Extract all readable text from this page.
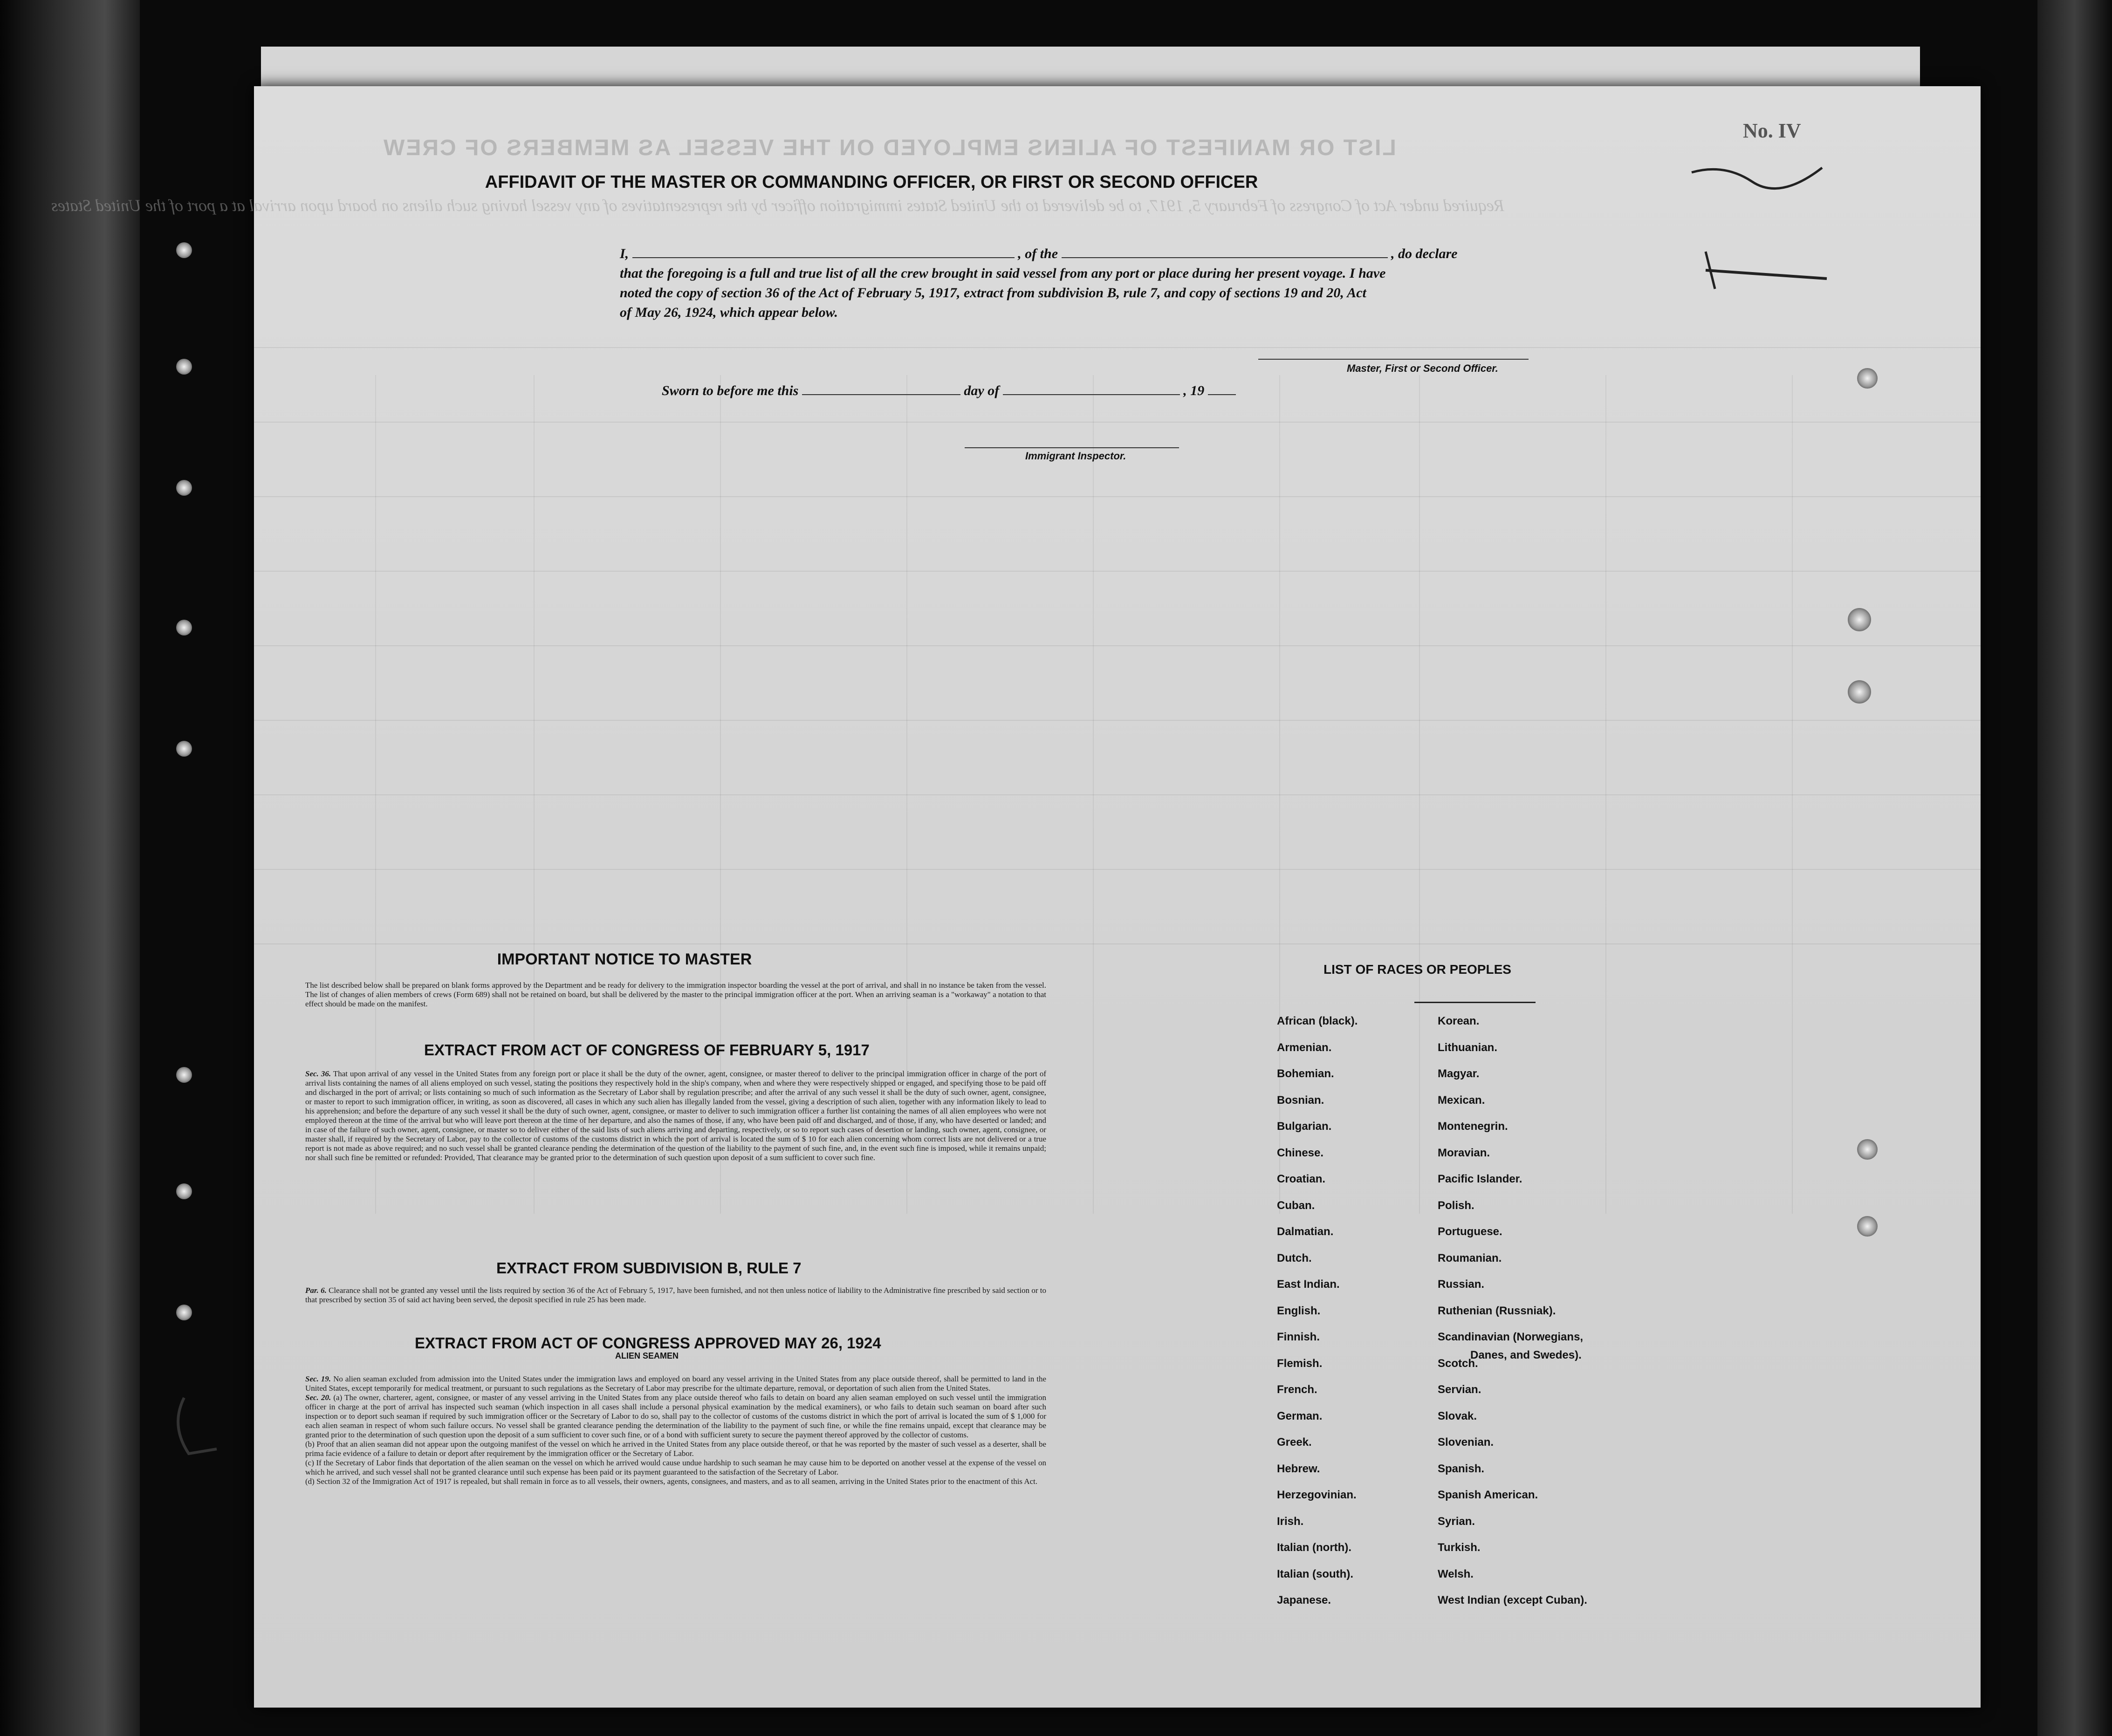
LIST OR MANIFEST OF ALIENS EMPLOYED ON THE VESSEL AS MEMBERS OF CREW
Required under Act of Congress of February 5, 1917, to be delivered to the United States immigration officer by the representatives of any vessel having such aliens on board upon arrival at a port of the United States
No. IV
AFFIDAVIT OF THE MASTER OR COMMANDING OFFICER, OR FIRST OR SECOND OFFICER
I,	, of the	, do declare
that the foregoing is a full and true list of all the crew brought in said vessel from any port or place during her present voyage. I have
noted the copy of section 36 of the Act of February 5, 1917, extract from subdivision B, rule 7, and copy of sections 19 and 20, Act
of May 26, 1924, which appear below.
Master, First or Second Officer.
Sworn to before me this	day of	, 19
Immigrant Inspector.
IMPORTANT NOTICE TO MASTER
The list described below shall be prepared on blank forms approved by the Department and be ready for delivery to the immigration inspector boarding the vessel at the port of arrival, and shall in no instance be taken from the vessel. The list of changes of alien members of crews (Form 689) shall not be retained on board, but shall be delivered by the master to the principal immigration officer at the port. When an arriving seaman is a "workaway" a notation to that effect should be made on the manifest.
EXTRACT FROM ACT OF CONGRESS OF FEBRUARY 5, 1917
Sec. 36. That upon arrival of any vessel in the United States from any foreign port or place it shall be the duty of the owner, agent, consignee, or master thereof to deliver to the principal immigration officer in charge of the port of arrival lists containing the names of all aliens employed on such vessel, stating the positions they respectively hold in the ship's company, when and where they were respectively shipped or engaged, and specifying those to be paid off and discharged in the port of arrival; or lists containing so much of such information as the Secretary of Labor shall by regulation prescribe; and after the arrival of any such vessel it shall be the duty of such owner, agent, consignee, or master to report to such immigration officer, in writing, as soon as discovered, all cases in which any such alien has illegally landed from the vessel, giving a description of such alien, together with any information likely to lead to his apprehension; and before the departure of any such vessel it shall be the duty of such owner, agent, consignee, or master to deliver to such immigration officer a further list containing the names of all alien employees who were not employed thereon at the time of the arrival but who will leave port thereon at the time of her departure, and also the names of those, if any, who have been paid off and discharged, and of those, if any, who have deserted or landed; and in case of the failure of such owner, agent, consignee, or master so to deliver either of the said lists of such aliens arriving and departing, respectively, or so to report such cases of desertion or landing, such owner, agent, consignee, or master shall, if required by the Secretary of Labor, pay to the collector of customs of the customs district in which the port of arrival is located the sum of $ 10 for each alien concerning whom correct lists are not delivered or a true report is not made as above required; and no such vessel shall be granted clearance pending the determination of the question of the liability to the payment of such fine, and, in the event such fine is imposed, while it remains unpaid; nor shall such fine be remitted or refunded: Provided, That clearance may be granted prior to the determination of such question upon deposit of a sum sufficient to cover such fine.
EXTRACT FROM SUBDIVISION B, RULE 7
Par. 6. Clearance shall not be granted any vessel until the lists required by section 36 of the Act of February 5, 1917, have been furnished, and not then unless notice of liability to the Administrative fine prescribed by said section or to that prescribed by section 35 of said act having been served, the deposit specified in rule 25 has been made.
EXTRACT FROM ACT OF CONGRESS APPROVED MAY 26, 1924
ALIEN SEAMEN
Sec. 19. No alien seaman excluded from admission into the United States under the immigration laws and employed on board any vessel arriving in the United States from any place outside thereof, shall be permitted to land in the United States, except temporarily for medical treatment, or pursuant to such regulations as the Secretary of Labor may prescribe for the ultimate departure, removal, or deportation of such alien from the United States.
Sec. 20. (a) The owner, charterer, agent, consignee, or master of any vessel arriving in the United States from any place outside thereof who fails to detain on board any alien seaman employed on such vessel until the immigration officer in charge at the port of arrival has inspected such seaman (which inspection in all cases shall include a personal physical examination by the medical examiners), or who fails to detain such seaman on board after such inspection or to deport such seaman if required by such immigration officer or the Secretary of Labor to do so, shall pay to the collector of customs of the customs district in which the port of arrival is located the sum of $ 1,000 for each alien seaman in respect of whom such failure occurs. No vessel shall be granted clearance pending the determination of the liability to the payment of such fine, or while the fine remains unpaid, except that clearance may be granted prior to the determination of such question upon the deposit of a sum sufficient to cover such fine, or of a bond with sufficient surety to secure the payment thereof approved by the collector of customs.
(b) Proof that an alien seaman did not appear upon the outgoing manifest of the vessel on which he arrived in the United States from any place outside thereof, or that he was reported by the master of such vessel as a deserter, shall be prima facie evidence of a failure to detain or deport after requirement by the immigration officer or the Secretary of Labor.
(c) If the Secretary of Labor finds that deportation of the alien seaman on the vessel on which he arrived would cause undue hardship to such seaman he may cause him to be deported on another vessel at the expense of the vessel on which he arrived, and such vessel shall not be granted clearance until such expense has been paid or its payment guaranteed to the satisfaction of the Secretary of Labor.
(d) Section 32 of the Immigration Act of 1917 is repealed, but shall remain in force as to all vessels, their owners, agents, consignees, and masters, and as to all seamen, arriving in the United States prior to the enactment of this Act.
LIST OF RACES OR PEOPLES
African (black).
Armenian.
Bohemian.
Bosnian.
Bulgarian.
Chinese.
Croatian.
Cuban.
Dalmatian.
Dutch.
East Indian.
English.
Finnish.
Flemish.
French.
German.
Greek.
Hebrew.
Herzegovinian.
Irish.
Italian (north).
Italian (south).
Japanese.
Korean.
Lithuanian.
Magyar.
Mexican.
Montenegrin.
Moravian.
Pacific Islander.
Polish.
Portuguese.
Roumanian.
Russian.
Ruthenian (Russniak).
Scandinavian (Norwegians,
Scotch.
Servian.
Slovak.
Slovenian.
Spanish.
Spanish American.
Syrian.
Turkish.
Welsh.
West Indian (except Cuban).
Danes, and Swedes).
